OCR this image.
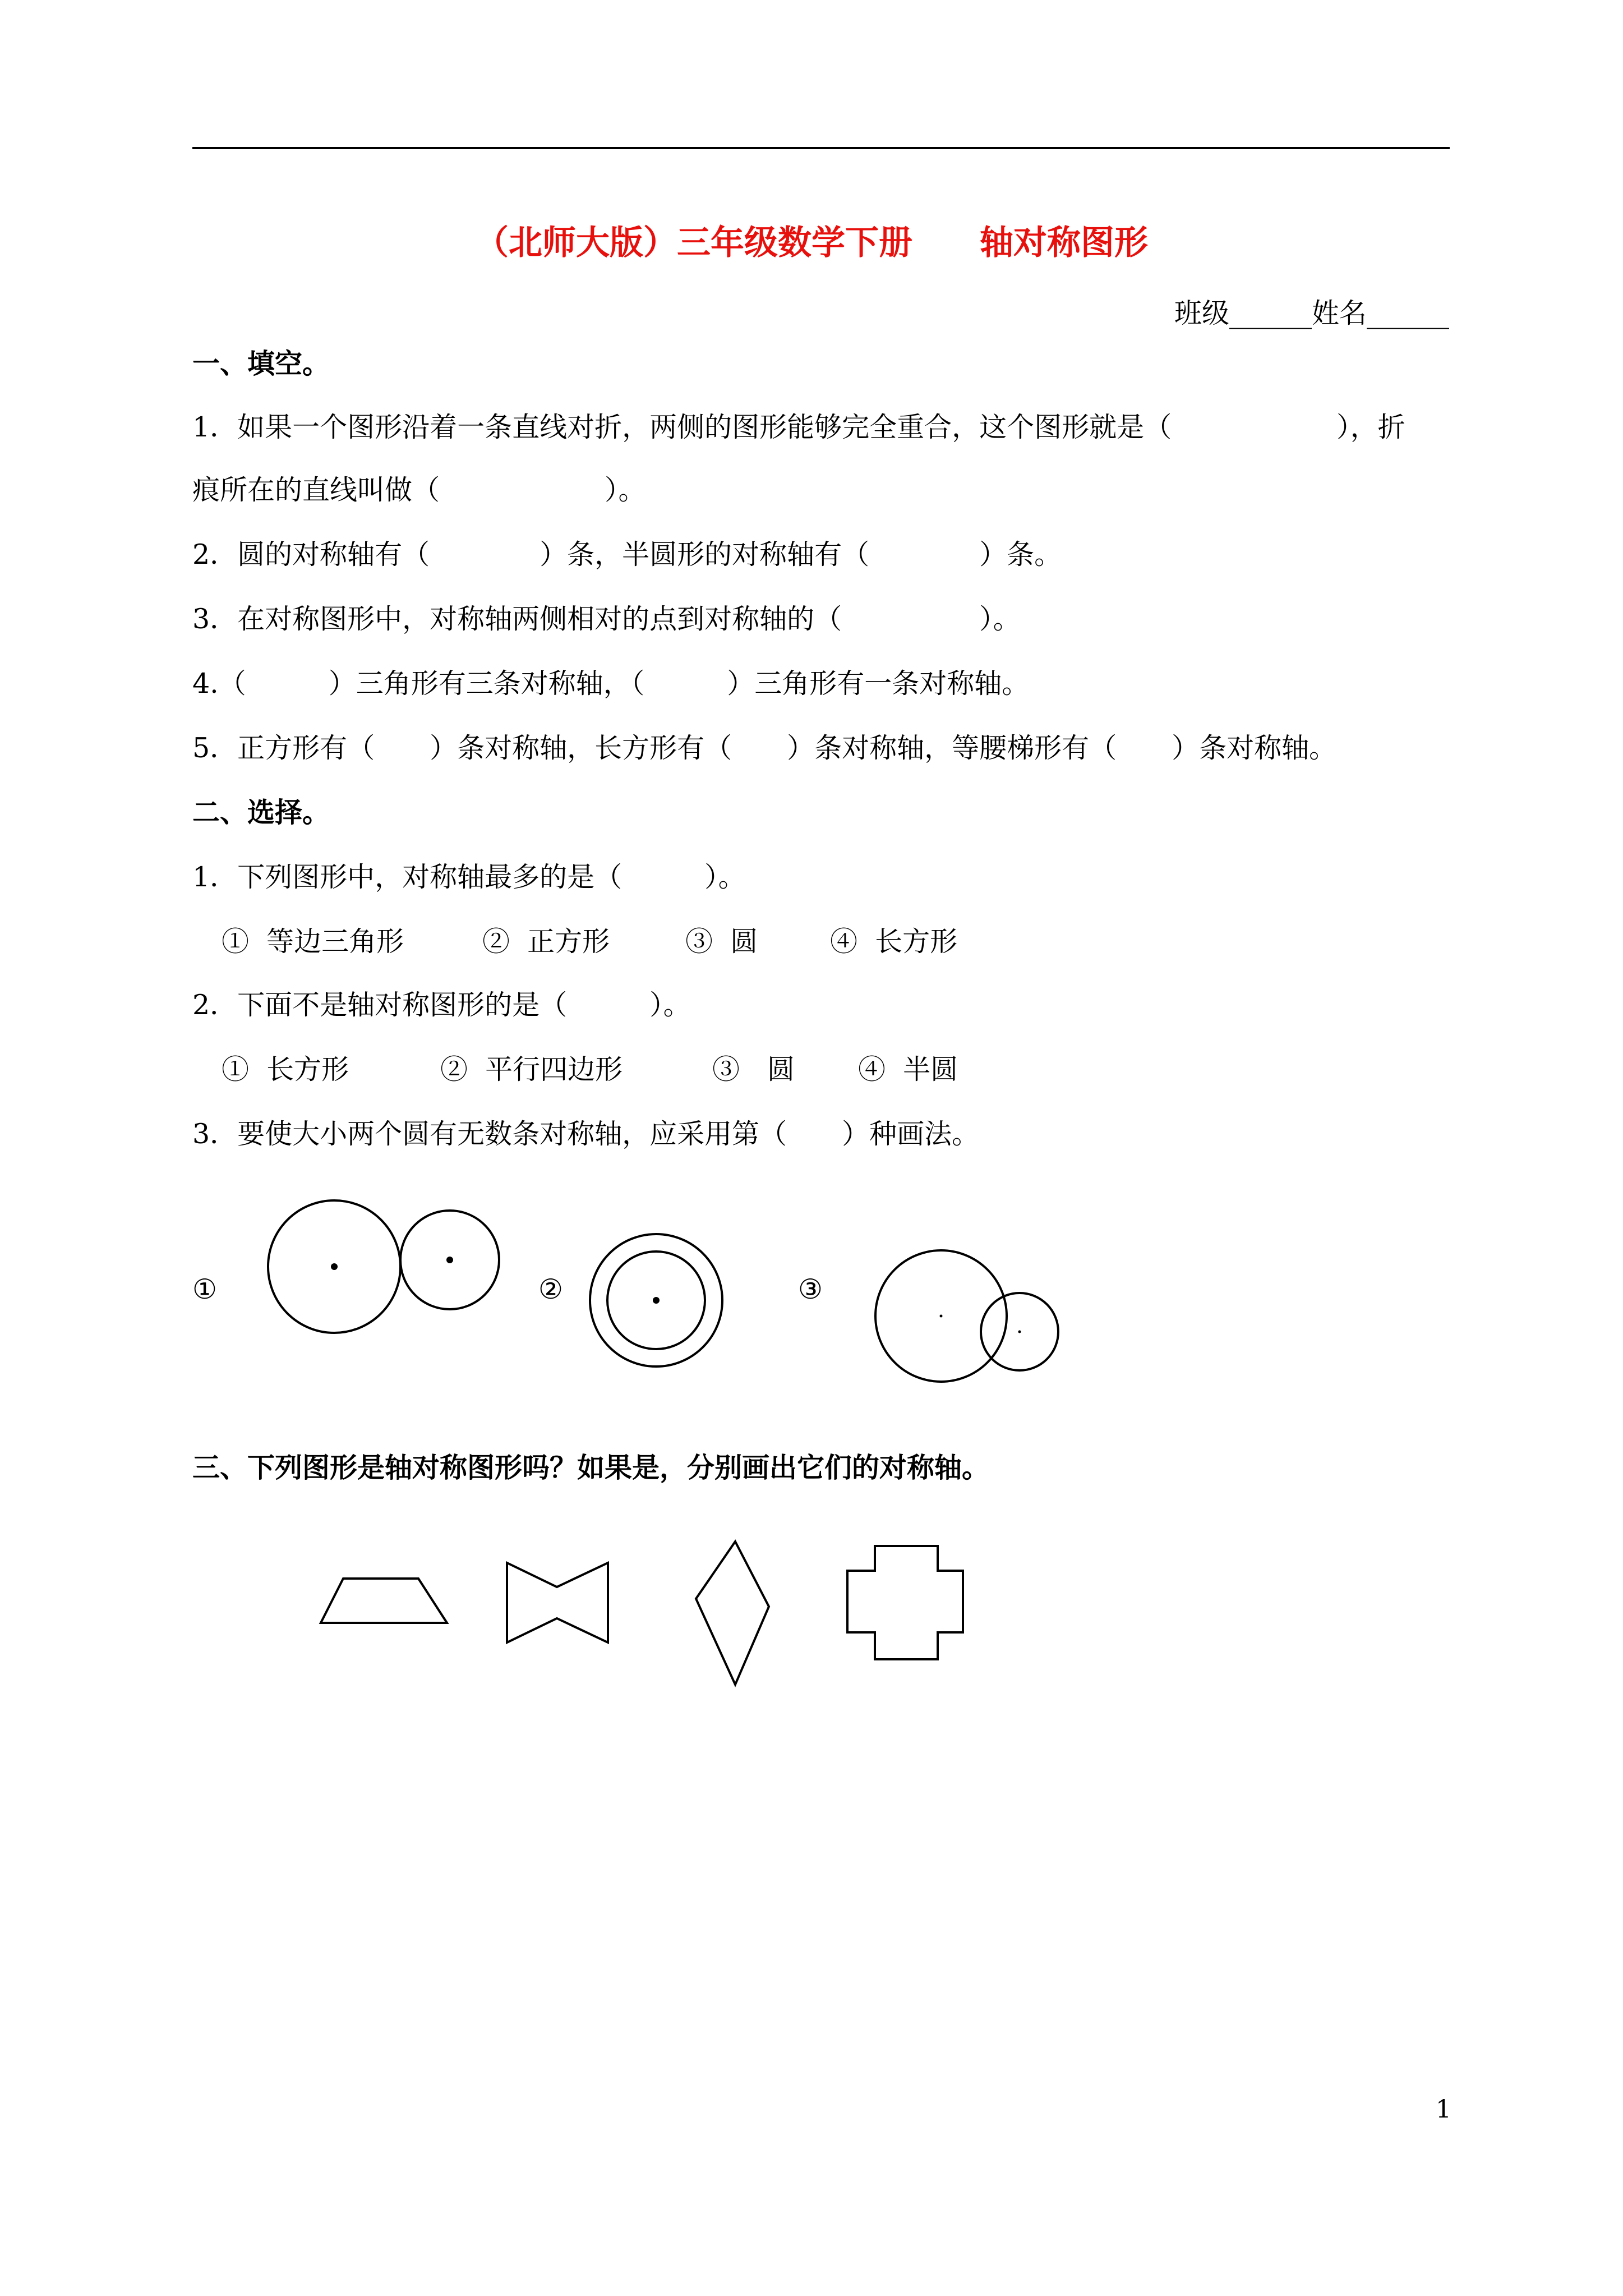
（北师大版）三年级数学下册　　轴对称图形
班级______姓名______
一、填空。
1．如果一个图形沿着一条直线对折，两侧的图形能够完全重合，这个图形就是（　　　　　　），折
痕所在的直线叫做（　　　　　　）。
2．圆的对称轴有（　　　　）条，半圆形的对称轴有（　　　　）条。
3．在对称图形中，对称轴两侧相对的点到对称轴的（　　　　　）。
4.（　　　）三角形有三条对称轴，（　　　）三角形有一条对称轴。
5．正方形有（　　）条对称轴，长方形有（　　）条对称轴，等腰梯形有（　　）条对称轴。
二、选择。
1．下列图形中，对称轴最多的是（　　　）。
①  等边三角形	②  正方形	③  圆	④  长方形
2．下面不是轴对称图形的是（　　　）。
①  长方形	②  平行四边形	③　圆 ④  半圆
3．要使大小两个圆有无数条对称轴，应采用第（　　）种画法。
①	②	③
三、下列图形是轴对称图形吗？如果是，分别画出它们的对称轴。
1
